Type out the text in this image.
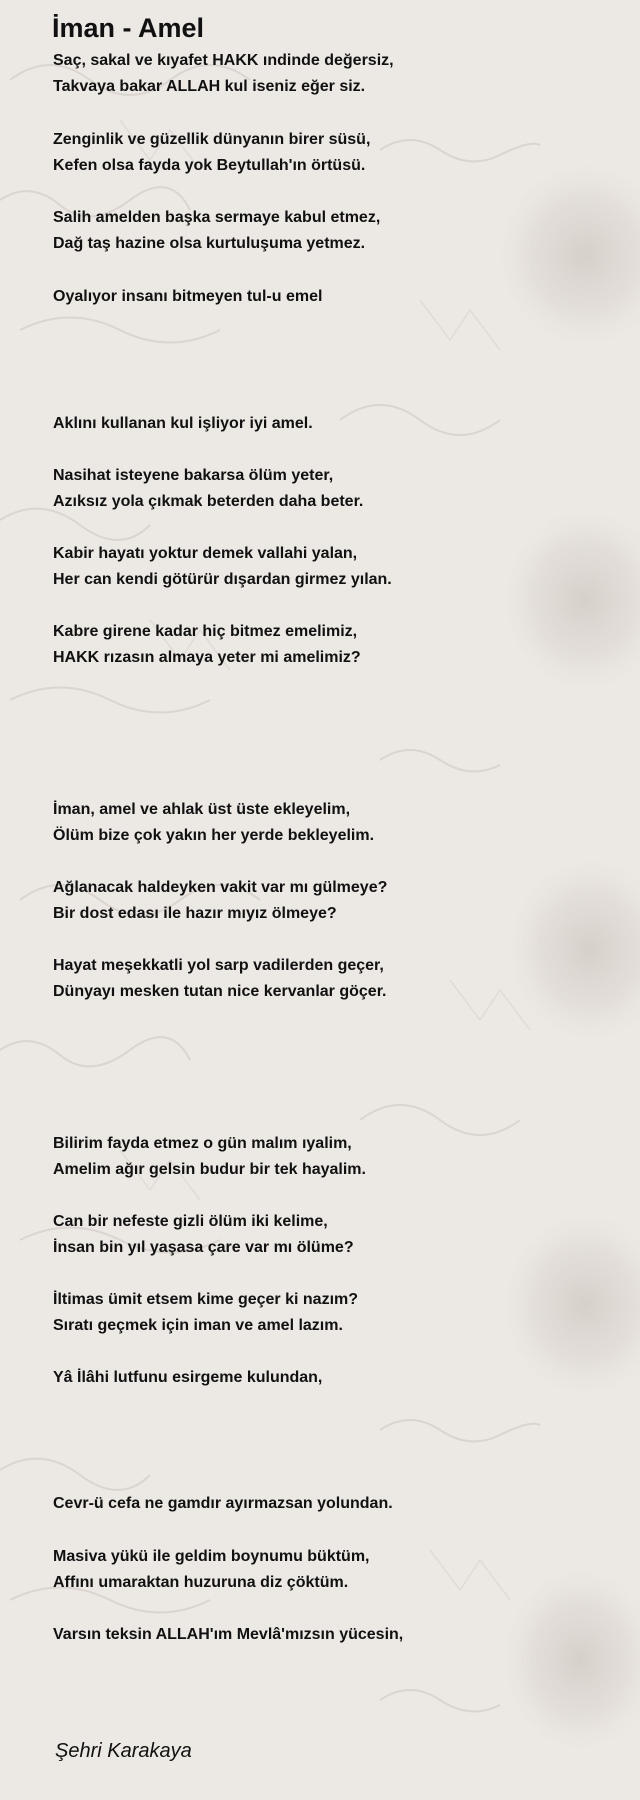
İman - Amel

Saç, sakal ve kıyafet HAKK ındinde değersiz,
Takvaya bakar ALLAH kul iseniz eğer siz.

Zenginlik ve güzellik dünyanın birer süsü,
Kefen olsa fayda yok Beytullah'ın örtüsü.

Salih amelden başka sermaye kabul etmez,
Dağ taş hazine olsa kurtuluşuma yetmez.

Oyalıyor insanı bitmeyen tul-u emel

Aklını kullanan kul işliyor iyi amel.

Nasihat isteyene bakarsa ölüm yeter,
Azıksız yola çıkmak beterden daha beter.

Kabir hayatı yoktur demek vallahi yalan,
Her can kendi götürür dışardan girmez yılan.

Kabre girene kadar hiç bitmez emelimiz,
HAKK rızasın almaya yeter mi amelimiz?

İman, amel ve ahlak üst üste ekleyelim,
Ölüm bize çok yakın her yerde bekleyelim.

Ağlanacak haldeyken vakit var mı gülmeye?
Bir dost edası ile hazır mıyız ölmeye?

Hayat meşekkatli yol sarp vadilerden geçer,
Dünyayı mesken tutan nice kervanlar göçer.

Bilirim fayda etmez o gün malım ıyalim,
Amelim ağır gelsin budur bir tek hayalim.

Can bir nefeste gizli ölüm iki kelime,
İnsan bin yıl yaşasa çare var mı ölüme?

İltimas ümit etsem kime geçer ki nazım?
Sıratı geçmek için iman ve amel lazım.

Yâ İlâhi lutfunu esirgeme kulundan,

Cevr-ü cefa ne gamdır ayırmazsan yolundan.

Masiva yükü ile geldim boynumu büktüm,
Affını umaraktan huzuruna diz çöktüm.

Varsın teksin ALLAH'ım Mevlâ'mızsın yücesin,

Şehri Karakaya
